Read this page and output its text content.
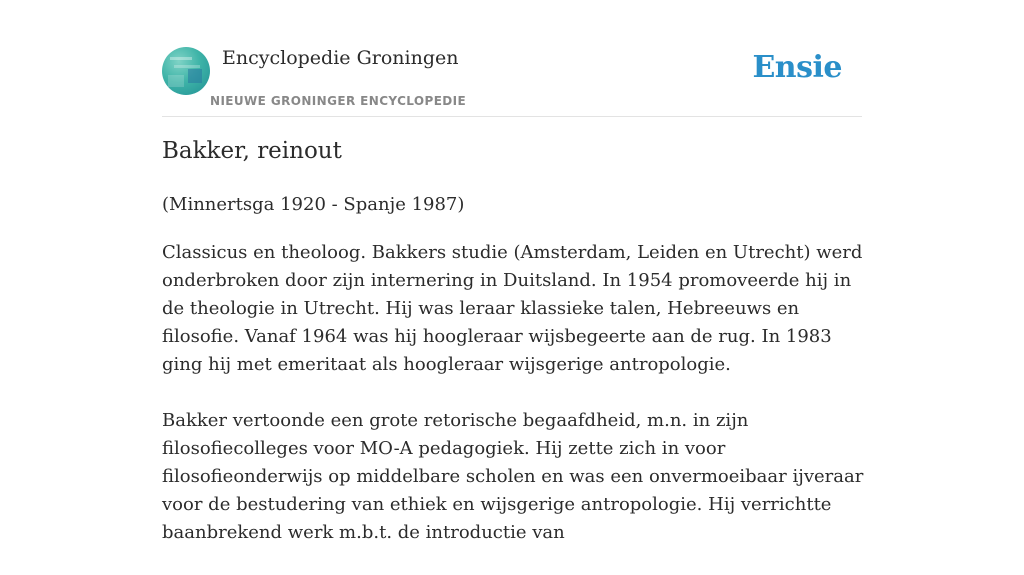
Encyclopedie Groningen
NIEUWE GRONINGER ENCYCLOPEDIE
Ensie
Bakker, reinout

(Minnertsga 1920 - Spanje 1987)

Classicus en theoloog. Bakkers studie (Amsterdam, Leiden en Utrecht) werd onderbroken door zijn internering in Duitsland. In 1954 promoveerde hij in de theologie in Utrecht. Hij was leraar klassieke talen, Hebreeuws en filosofie. Vanaf 1964 was hij hoogleraar wijsbegeerte aan de rug. In 1983 ging hij met emeritaat als hoogleraar wijsgerige antropologie.

Bakker vertoonde een grote retorische begaafdheid, m.n. in zijn filosofiecolleges voor MO-A pedagogiek. Hij zette zich in voor filosofieonderwijs op middelbare scholen en was een onvermoeibaar ijveraar voor de bestudering van ethiek en wijsgerige antropologie. Hij verrichtte baanbrekend werk m.b.t. de introductie van
